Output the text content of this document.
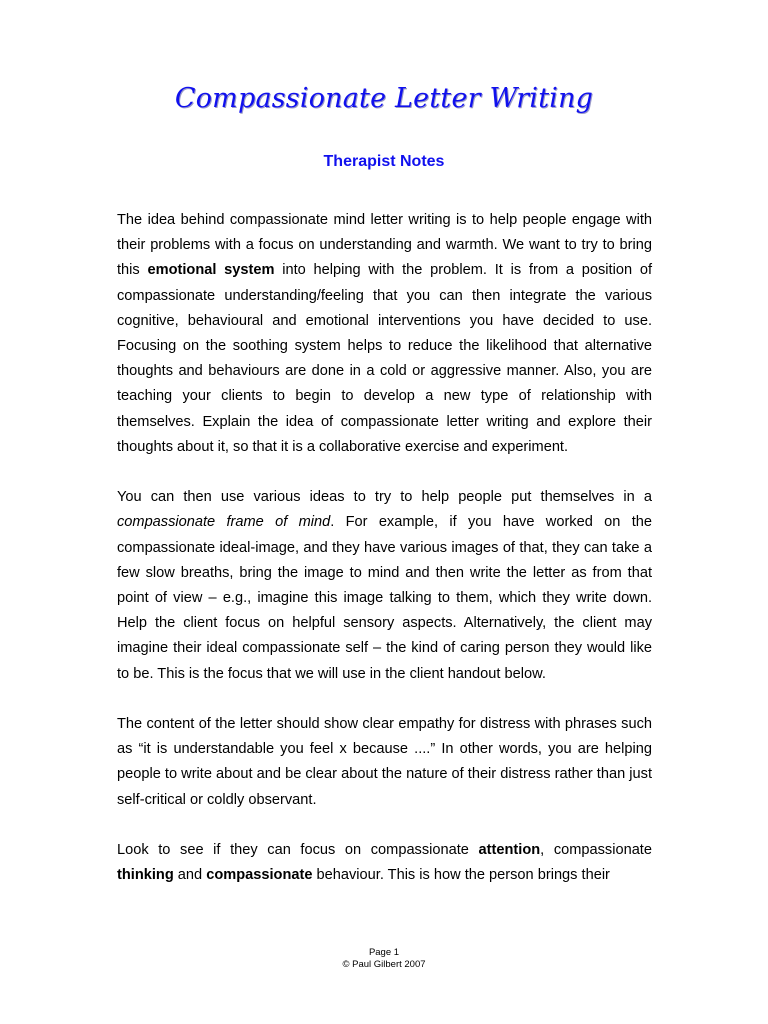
Compassionate Letter Writing
Therapist Notes

The idea behind compassionate mind letter writing is to help people engage with their problems with a focus on understanding and warmth. We want to try to bring this emotional system into helping with the problem. It is from a position of compassionate understanding/feeling that you can then integrate the various cognitive, behavioural and emotional interventions you have decided to use. Focusing on the soothing system helps to reduce the likelihood that alternative thoughts and behaviours are done in a cold or aggressive manner. Also, you are teaching your clients to begin to develop a new type of relationship with themselves. Explain the idea of compassionate letter writing and explore their thoughts about it, so that it is a collaborative exercise and experiment.

You can then use various ideas to try to help people put themselves in a compassionate frame of mind. For example, if you have worked on the compassionate ideal-image, and they have various images of that, they can take a few slow breaths, bring the image to mind and then write the letter as from that point of view – e.g., imagine this image talking to them, which they write down. Help the client focus on helpful sensory aspects. Alternatively, the client may imagine their ideal compassionate self – the kind of caring person they would like to be. This is the focus that we will use in the client handout below.

The content of the letter should show clear empathy for distress with phrases such as “it is understandable you feel x because ....” In other words, you are helping people to write about and be clear about the nature of their distress rather than just self-critical or coldly observant.

Look to see if they can focus on compassionate attention, compassionate thinking and compassionate behaviour. This is how the person brings their

Page 1
© Paul Gilbert 2007
